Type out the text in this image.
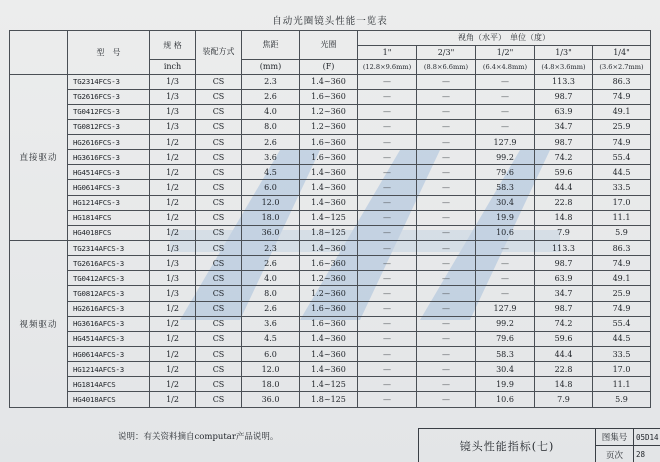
自动光圈镜头性能一览表
	型　号	规 格	装配方式	焦距	光圈	视角（水平）　单位（度）				
						1"	2/3"	1/2"	1/3"	1/4"
		inch		(mm)	(F)	(12.8×9.6mm)	(8.8×6.6mm)	(6.4×4.8mm)	(4.8×3.6mm)	(3.6×2.7mm)
直接驱动	TG2314FCS-3	1/3	CS	2.3	1.4~360	—	—	—	113.3	86.3
	TG2616FCS-3	1/3	CS	2.6	1.6~360	—	—	—	98.7	74.9
	TG0412FCS-3	1/3	CS	4.0	1.2~360	—	—	—	63.9	49.1
	TG0812FCS-3	1/3	CS	8.0	1.2~360	—	—	—	34.7	25.9
	HG2616FCS-3	1/2	CS	2.6	1.6~360	—	—	127.9	98.7	74.9
	HG3616FCS-3	1/2	CS	3.6	1.6~360	—	—	99.2	74.2	55.4
	HG4514FCS-3	1/2	CS	4.5	1.4~360	—	—	79.6	59.6	44.5
	HG0614FCS-3	1/2	CS	6.0	1.4~360	—	—	58.3	44.4	33.5
	HG1214FCS-3	1/2	CS	12.0	1.4~360	—	—	30.4	22.8	17.0
	HG1814FCS	1/2	CS	18.0	1.4~125	—	—	19.9	14.8	11.1
	HG4018FCS	1/2	CS	36.0	1.8~125	—	—	10.6	7.9	5.9
视频驱动	TG2314AFCS-3	1/3	CS	2.3	1.4~360	—	—	—	113.3	86.3
	TG2616AFCS-3	1/3	CS	2.6	1.6~360	—	—	—	98.7	74.9
	TG0412AFCS-3	1/3	CS	4.0	1.2~360	—	—	—	63.9	49.1
	TG0812AFCS-3	1/3	CS	8.0	1.2~360	—	—	—	34.7	25.9
	HG2616AFCS-3	1/2	CS	2.6	1.6~360	—	—	127.9	98.7	74.9
	HG3616AFCS-3	1/2	CS	3.6	1.6~360	—	—	99.2	74.2	55.4
	HG4514AFCS-3	1/2	CS	4.5	1.4~360	—	—	79.6	59.6	44.5
	HG0614AFCS-3	1/2	CS	6.0	1.4~360	—	—	58.3	44.4	33.5
	HG1214AFCS-3	1/2	CS	12.0	1.4~360	—	—	30.4	22.8	17.0
	HG1814AFCS	1/2	CS	18.0	1.4~125	—	—	19.9	14.8	11.1
	HG4018AFCS	1/2	CS	36.0	1.8~125	—	—	10.6	7.9	5.9
说明：有关资料摘自computar产品说明。
镜头性能指标(七)
图集号	05D14
页次	28
